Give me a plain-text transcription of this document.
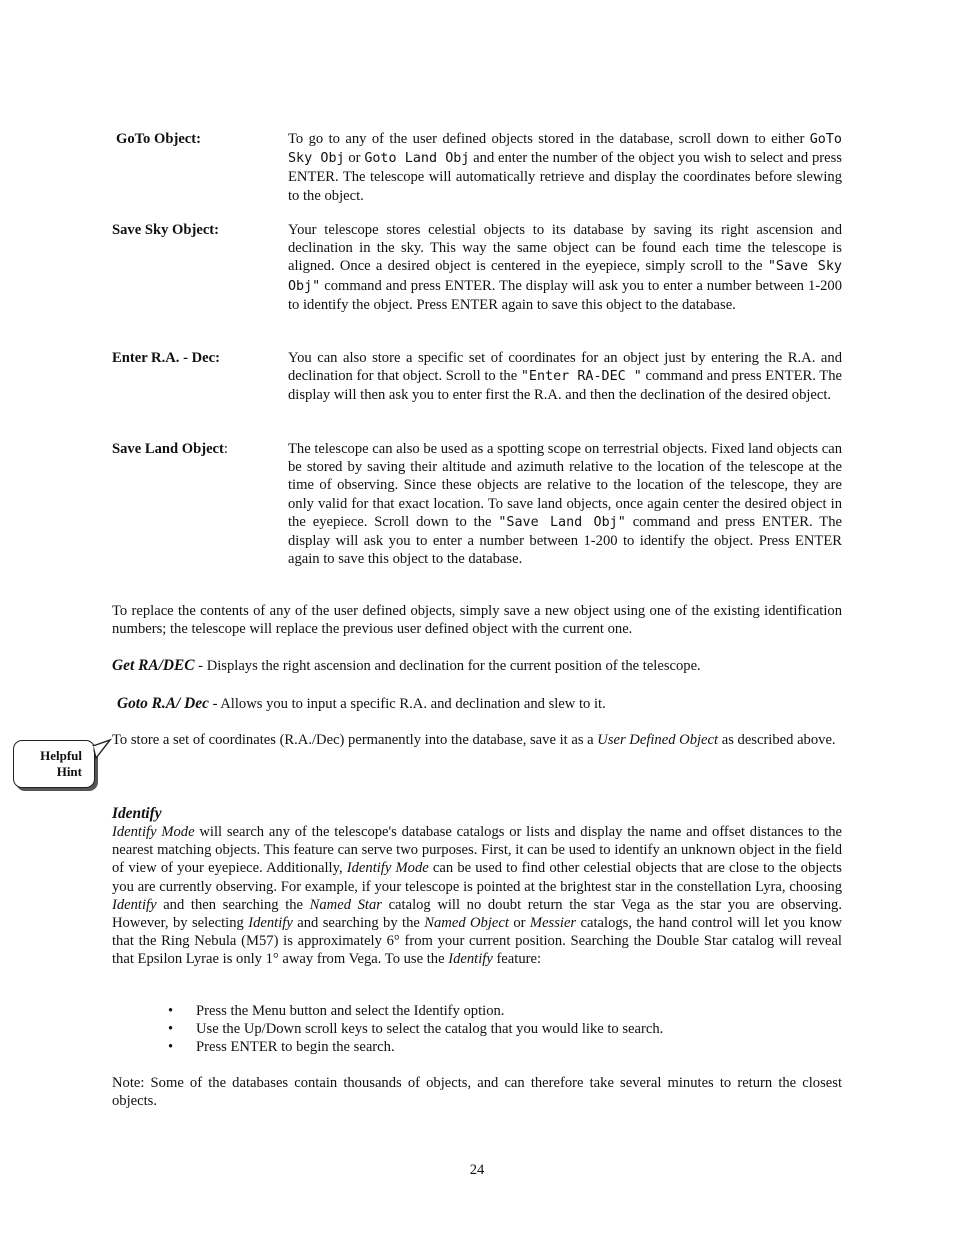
GoTo Object:	To go to any of the user defined objects stored in the database, scroll down to either GoTo Sky Obj or Goto Land Obj and enter the number of the object you wish to select and press ENTER. The telescope will automatically retrieve and display the coordinates before slewing to the object.
Save Sky Object:	Your telescope stores celestial objects to its database by saving its right ascension and declination in the sky. This way the same object can be found each time the telescope is aligned. Once a desired object is centered in the eyepiece, simply scroll to the "Save Sky Obj" command and press ENTER. The display will ask you to enter a number between 1-200 to identify the object. Press ENTER again to save this object to the database.
Enter R.A. - Dec:	You can also store a specific set of coordinates for an object just by entering the R.A. and declination for that object. Scroll to the "Enter RA-DEC " command and press ENTER. The display will then ask you to enter first the R.A. and then the declination of the desired object.
Save Land Object:	The telescope can also be used as a spotting scope on terrestrial objects. Fixed land objects can be stored by saving their altitude and azimuth relative to the location of the telescope at the time of observing. Since these objects are relative to the location of the telescope, they are only valid for that exact location. To save land objects, once again center the desired object in the eyepiece. Scroll down to the "Save Land Obj" command and press ENTER. The display will ask you to enter a number between 1-200 to identify the object. Press ENTER again to save this object to the database.
To replace the contents of any of the user defined objects, simply save a new object using one of the existing identification numbers; the telescope will replace the previous user defined object with the current one.
Get RA/DEC - Displays the right ascension and declination for the current position of the telescope.
Goto R.A/ Dec - Allows you to input a specific R.A. and declination and slew to it.
Helpful
Hint
To store a set of coordinates (R.A./Dec) permanently into the database, save it as a User Defined Object as described above.
Identify
Identify Mode will search any of the telescope's database catalogs or lists and display the name and offset distances to the nearest matching objects. This feature can serve two purposes. First, it can be used to identify an unknown object in the field of view of your eyepiece. Additionally, Identify Mode can be used to find other celestial objects that are close to the objects you are currently observing. For example, if your telescope is pointed at the brightest star in the constellation Lyra, choosing Identify and then searching the Named Star catalog will no doubt return the star Vega as the star you are observing. However, by selecting Identify and searching by the Named Object or Messier catalogs, the hand control will let you know that the Ring Nebula (M57) is approximately 6° from your current position. Searching the Double Star catalog will reveal that Epsilon Lyrae is only 1° away from Vega. To use the Identify feature:
• Press the Menu button and select the Identify option.
• Use the Up/Down scroll keys to select the catalog that you would like to search.
• Press ENTER to begin the search.
Note: Some of the databases contain thousands of objects, and can therefore take several minutes to return the closest objects.
24
